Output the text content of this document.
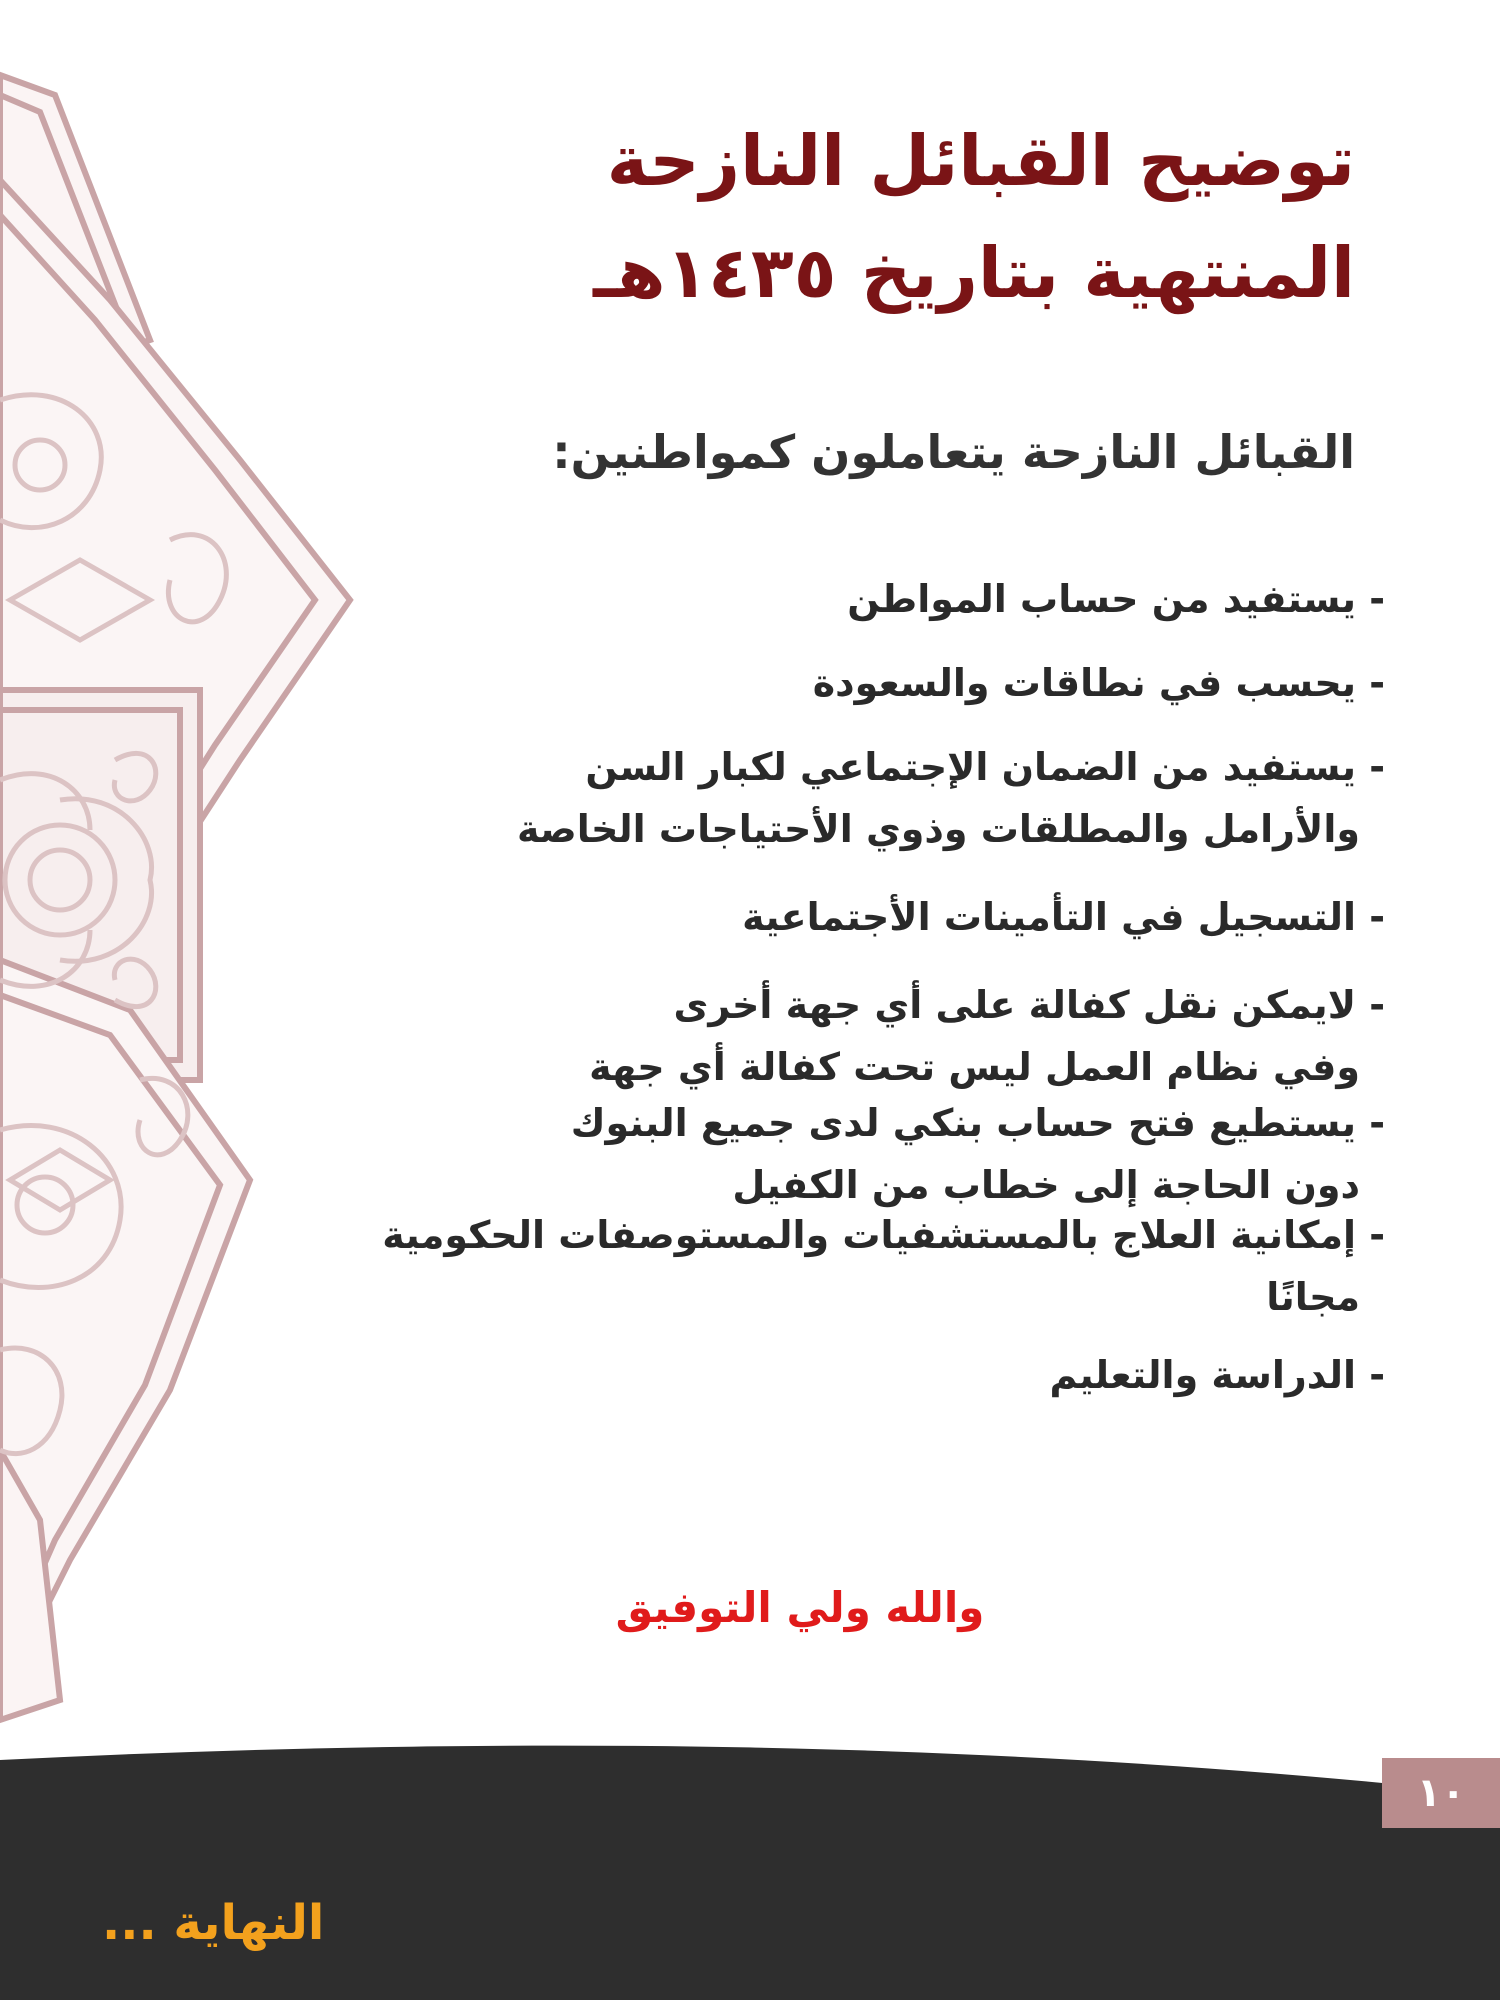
توضيح القبائل النازحة
المنتهية بتاريخ ١٤٣٥هـ
القبائل النازحة يتعاملون كمواطنين:
- يستفيد من حساب المواطن
- يحسب في نطاقات والسعودة
- يستفيد من الضمان الإجتماعي لكبار السن
والأرامل والمطلقات وذوي الأحتياجات الخاصة
- التسجيل في التأمينات الأجتماعية
- لايمكن نقل كفالة على أي جهة أخرى
وفي نظام العمل ليس تحت كفالة أي جهة
- يستطيع فتح حساب بنكي لدى جميع البنوك
دون الحاجة إلى خطاب من الكفيل
- إمكانية العلاج بالمستشفيات والمستوصفات الحكومية
مجانًا
- الدراسة والتعليم

والله ولي التوفيق

١٠
النهاية ...
